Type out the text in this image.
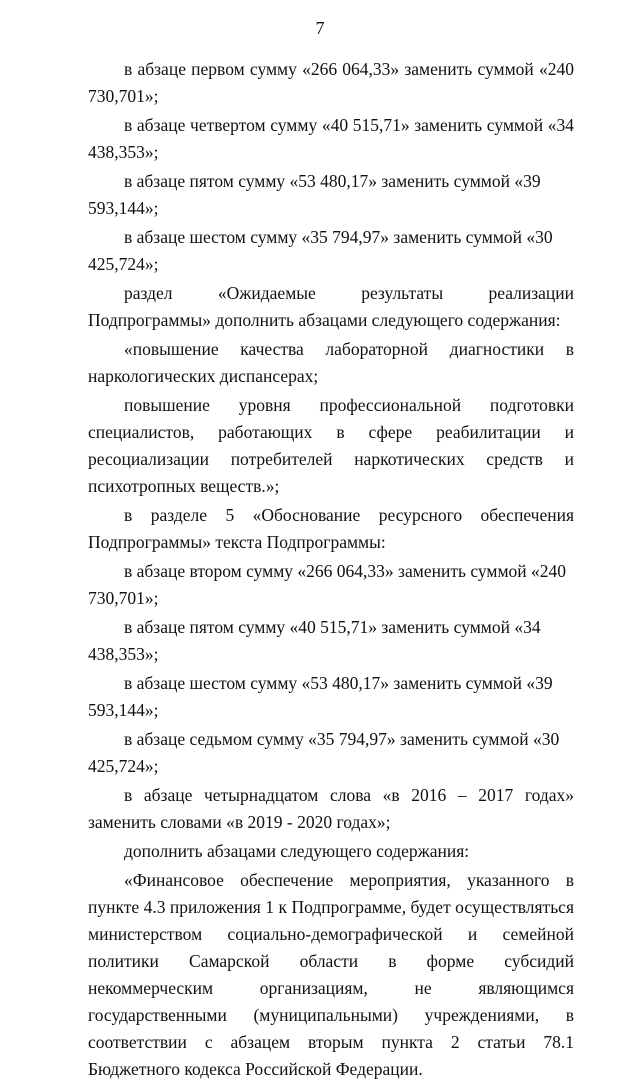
7

в абзаце первом сумму «266 064,33» заменить суммой «240 730,701»;

в абзаце четвертом сумму «40 515,71» заменить суммой «34 438,353»;

в абзаце пятом сумму «53 480,17» заменить суммой «39 593,144»;

в абзаце шестом сумму «35 794,97» заменить суммой «30 425,724»;

раздел «Ожидаемые результаты реализации Подпрограммы» дополнить абзацами следующего содержания:

«повышение качества лабораторной диагностики в наркологических диспансерах;

повышение уровня профессиональной подготовки специалистов, работающих в сфере реабилитации и ресоциализации потребителей наркотических средств и психотропных веществ.»;

в разделе 5 «Обоснование ресурсного обеспечения Подпрограммы» текста Подпрограммы:

в абзаце втором сумму «266 064,33» заменить суммой «240 730,701»;

в абзаце пятом сумму «40 515,71» заменить суммой «34 438,353»;

в абзаце шестом сумму «53 480,17» заменить суммой «39 593,144»;

в абзаце седьмом сумму «35 794,97» заменить суммой «30 425,724»;

в абзаце четырнадцатом слова «в 2016 – 2017 годах» заменить словами «в 2019 - 2020 годах»;

дополнить абзацами следующего содержания:

«Финансовое обеспечение мероприятия, указанного в пункте 4.3 приложения 1 к Подпрограмме, будет осуществляться министерством социально-демографической и семейной политики Самарской области в форме субсидий некоммерческим организациям, не являющимся государственными (муниципальными) учреждениями, в соответствии с абзацем вторым пункта 2 статьи 78.1 Бюджетного кодекса Российской Федерации.
